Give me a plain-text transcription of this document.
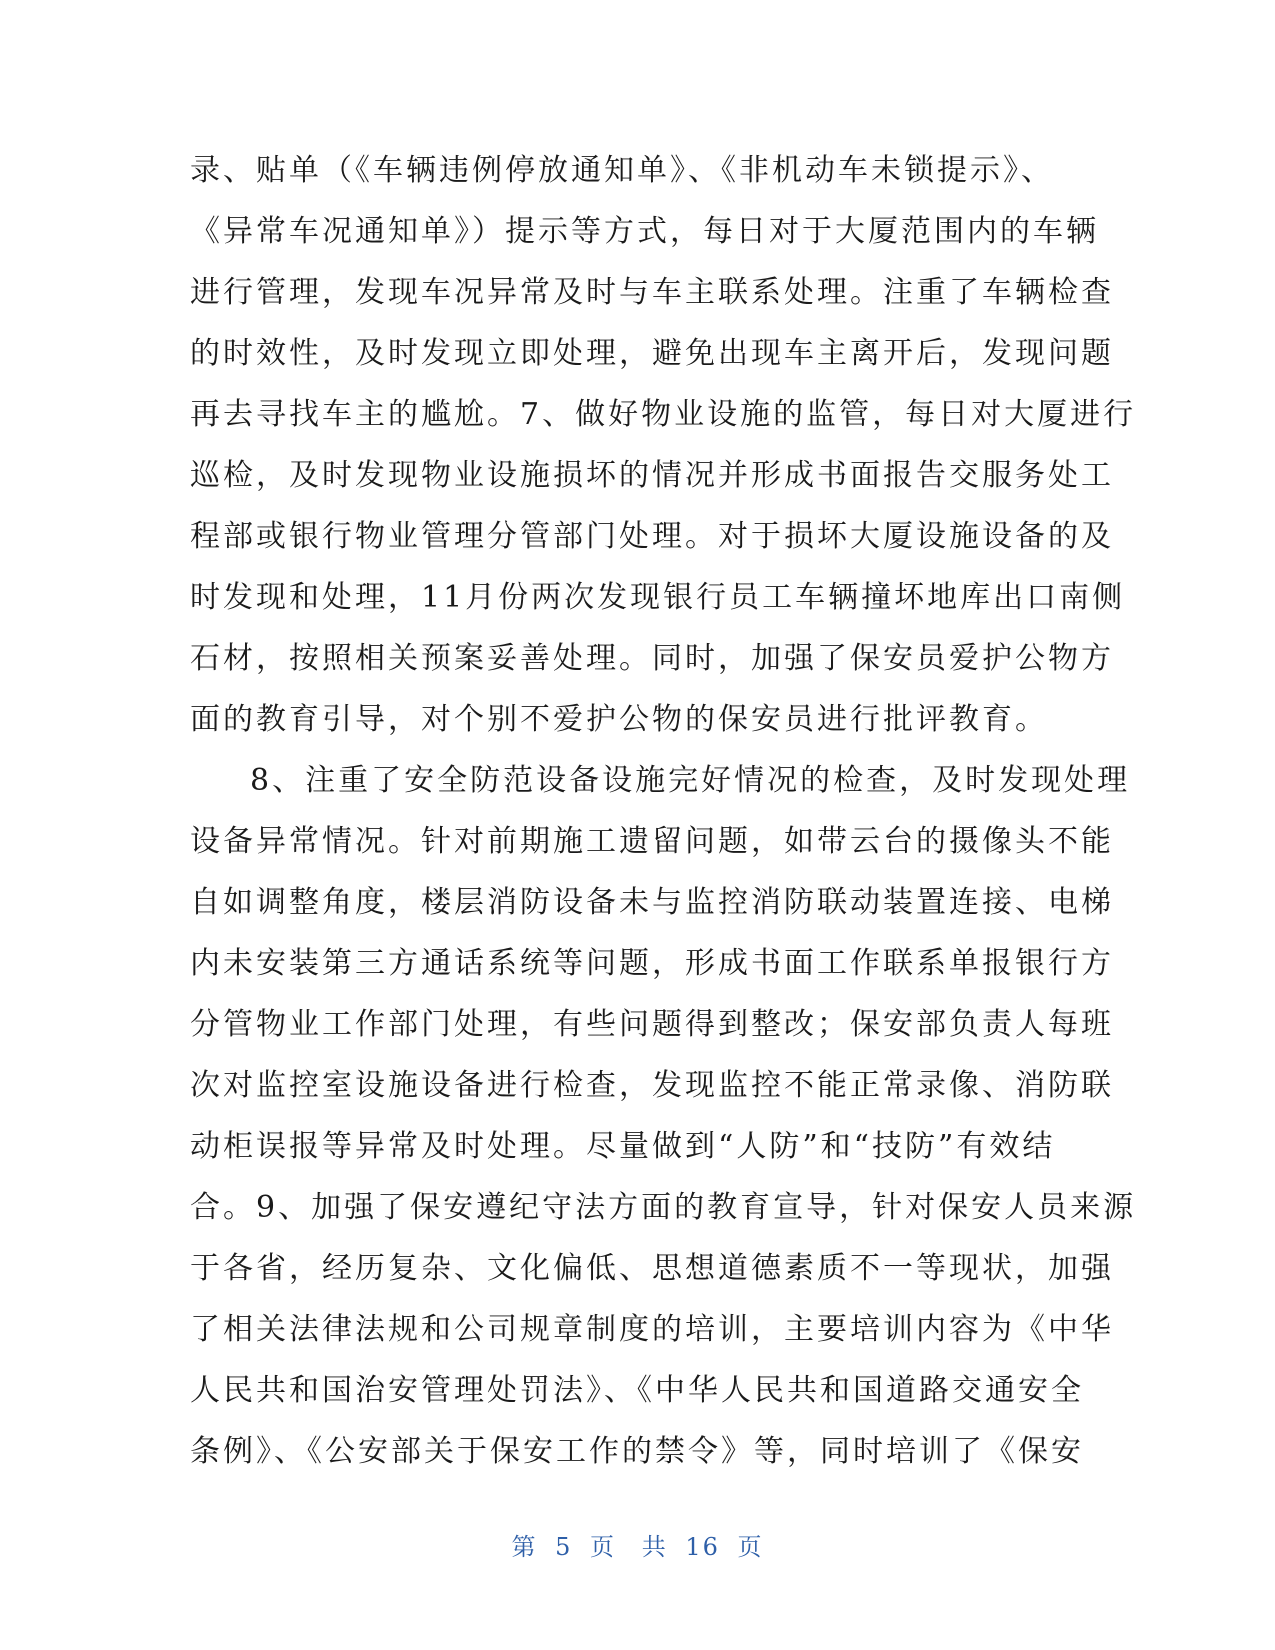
录、贴单（《车辆违例停放通知单》、《非机动车未锁提示》、
《异常车况通知单》）提示等方式，每日对于大厦范围内的车辆
进行管理，发现车况异常及时与车主联系处理。注重了车辆检查
的时效性，及时发现立即处理，避免出现车主离开后，发现问题
再去寻找车主的尴尬。7、做好物业设施的监管，每日对大厦进行
巡检，及时发现物业设施损坏的情况并形成书面报告交服务处工
程部或银行物业管理分管部门处理。对于损坏大厦设施设备的及
时发现和处理，11月份两次发现银行员工车辆撞坏地库出口南侧
石材，按照相关预案妥善处理。同时，加强了保安员爱护公物方
面的教育引导，对个别不爱护公物的保安员进行批评教育。
8、注重了安全防范设备设施完好情况的检查，及时发现处理
设备异常情况。针对前期施工遗留问题，如带云台的摄像头不能
自如调整角度，楼层消防设备未与监控消防联动装置连接、电梯
内未安装第三方通话系统等问题，形成书面工作联系单报银行方
分管物业工作部门处理，有些问题得到整改；保安部负责人每班
次对监控室设施设备进行检查，发现监控不能正常录像、消防联
动柜误报等异常及时处理。尽量做到“人防”和“技防”有效结
合。9、加强了保安遵纪守法方面的教育宣导，针对保安人员来源
于各省，经历复杂、文化偏低、思想道德素质不一等现状，加强
了相关法律法规和公司规章制度的培训，主要培训内容为《中华
人民共和国治安管理处罚法》、《中华人民共和国道路交通安全
条例》、《公安部关于保安工作的禁令》等，同时培训了《保安
第 5 页 共 16 页
